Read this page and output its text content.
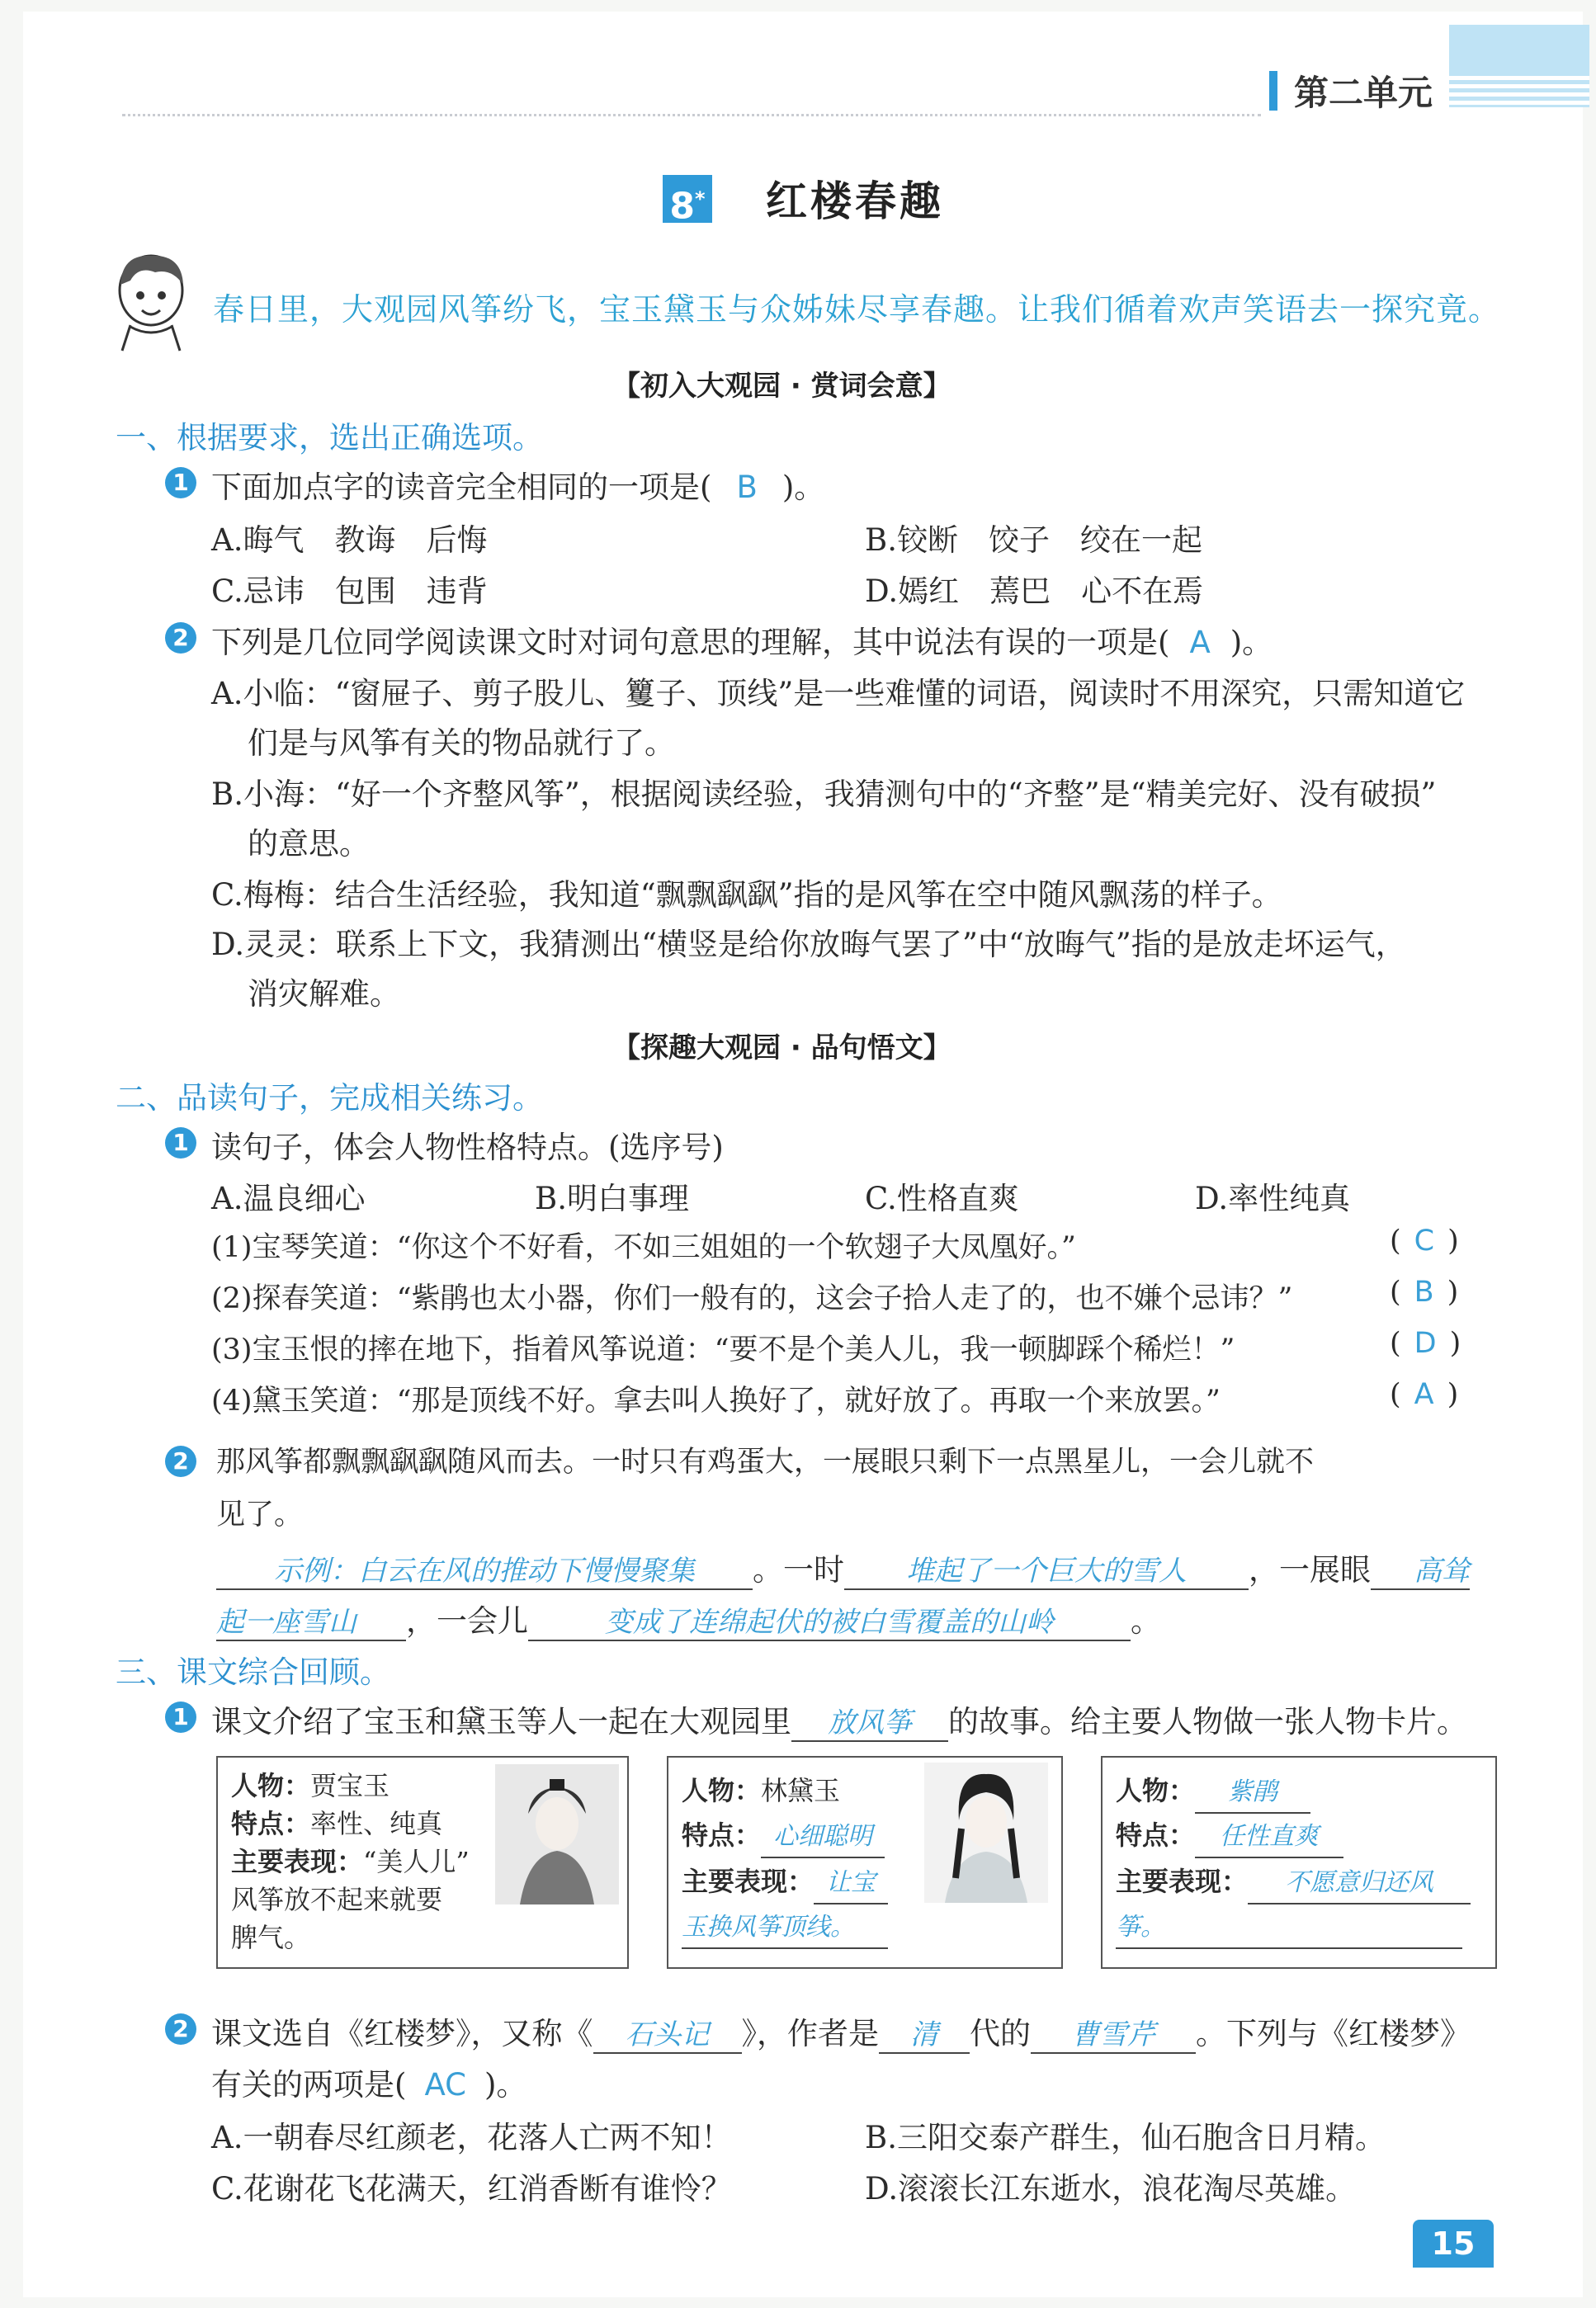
第二单元
8* 红楼春趣
春日里，大观园风筝纷飞，宝玉黛玉与众姊妹尽享春趣。让我们循着欢声笑语去一探究竟。
【初入大观园 · 赏词会意】
一、根据要求，选出正确选项。
1 下面加点字的读音完全相同的一项是( B )。
A.晦气　教诲　后悔	B.铰断　饺子　绞在一起
C.忌讳　包围　违背	D.嫣红　蔫巴　心不在焉
2 下列是几位同学阅读课文时对词句意思的理解，其中说法有误的一项是( A )。
A.小临：“窗屉子、剪子股儿、籰子、顶线”是一些难懂的词语，阅读时不用深究，只需知道它
们是与风筝有关的物品就行了。
B.小海：“好一个齐整风筝”，根据阅读经验，我猜测句中的“齐整”是“精美完好、没有破损”
的意思。
C.梅梅：结合生活经验，我知道“飘飘飖飖”指的是风筝在空中随风飘荡的样子。
D.灵灵：联系上下文，我猜测出“横竖是给你放晦气罢了”中“放晦气”指的是放走坏运气，
消灾解难。
【探趣大观园 · 品句悟文】
二、品读句子，完成相关练习。
1 读句子，体会人物性格特点。(选序号)
A.温良细心	B.明白事理	C.性格直爽	D.率性纯真
(1)宝琴笑道：“你这个不好看，不如三姐姐的一个软翅子大凤凰好。”	( C )
(2)探春笑道：“紫鹃也太小器，你们一般有的，这会子拾人走了的，也不嫌个忌讳？”	( B )
(3)宝玉恨的摔在地下，指着风筝说道：“要不是个美人儿，我一顿脚踩个稀烂！”	( D )
(4)黛玉笑道：“那是顶线不好。拿去叫人换好了，就好放了。再取一个来放罢。”	( A )
2 那风筝都飘飘飖飖随风而去。一时只有鸡蛋大，一展眼只剩下一点黑星儿，一会儿就不
见了。
示例：白云在风的推动下慢慢聚集 。一时 堆起了一个巨大的雪人 ，一展眼 高耸
起一座雪山 ，一会儿	变成了连绵起伏的被白雪覆盖的山岭	。
三、课文综合回顾。
1 课文介绍了宝玉和黛玉等人一起在大观园里 放风筝 的故事。给主要人物做一张人物卡片。
人物：贾宝玉
特点：率性、纯真
主要表现：“美人儿”
风筝放不起来就要
脾气。
人物：林黛玉
特点： 心细聪明
主要表现： 让宝
玉换风筝顶线。
人物： 紫鹃
特点： 任性直爽
主要表现： 不愿意归还风
筝。
2 课文选自《红楼梦》，又称《 石头记 》，作者是 清 代的 曹雪芹 。下列与《红楼梦》
有关的两项是( AC )。
A.一朝春尽红颜老，花落人亡两不知！	B.三阳交泰产群生，仙石胞含日月精。
C.花谢花飞花满天，红消香断有谁怜？	D.滚滚长江东逝水，浪花淘尽英雄。
15
